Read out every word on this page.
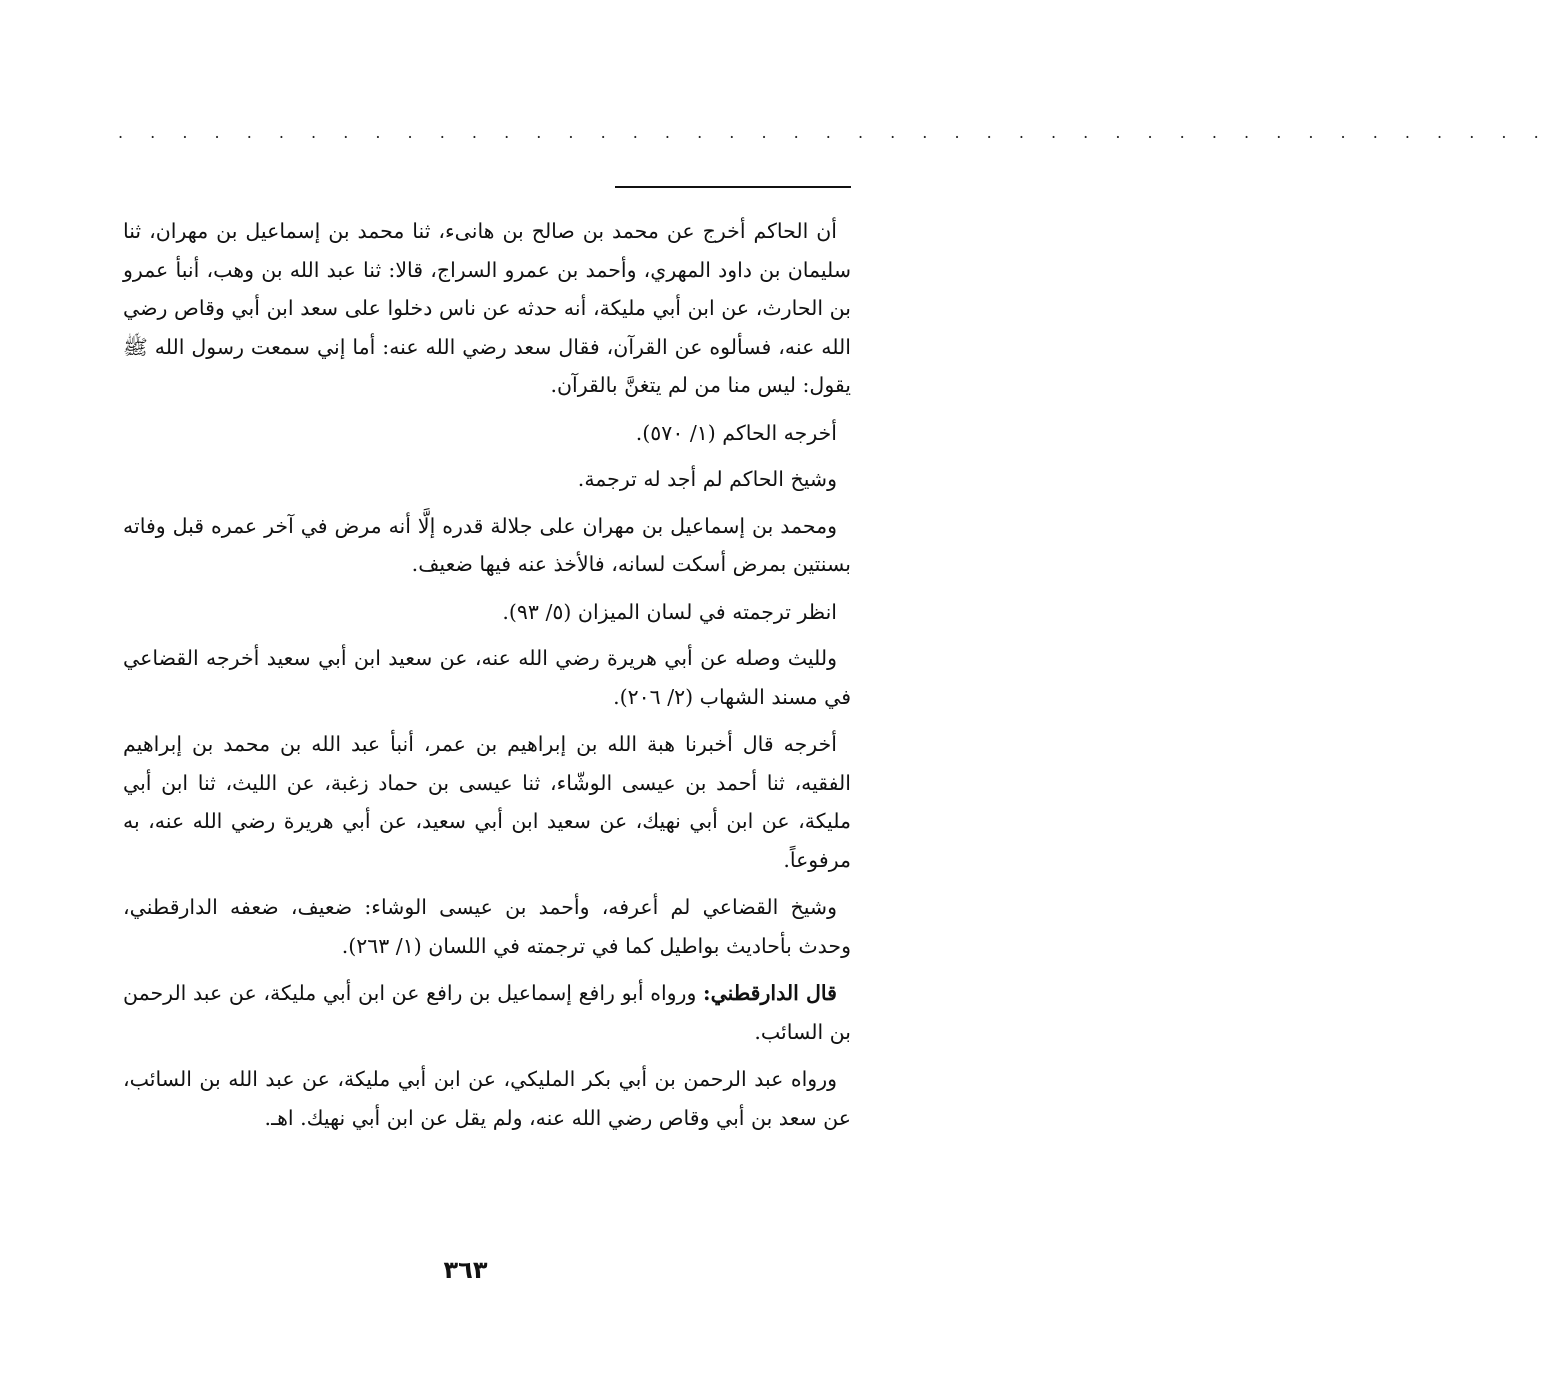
. . . . . . . . . . . . . . . . . . . . . . . . . . . . . . . . . . . . . . . . . . . . .

أن الحاكم أخرج عن محمد بن صالح بن هانىء، ثنا محمد بن إسماعيل بن مهران، ثنا سليمان بن داود المهري، وأحمد بن عمرو السراج، قالا: ثنا عبد الله بن وهب، أنبأ عمرو بن الحارث، عن ابن أبي مليكة، أنه حدثه عن ناس دخلوا على سعد ابن أبي وقاص رضي الله عنه، فسألوه عن القرآن، فقال سعد رضي الله عنه: أما إني سمعت رسول الله ﷺ يقول: ليس منا من لم يتغنَّ بالقرآن.

أخرجه الحاكم (١/ ٥٧٠).

وشيخ الحاكم لم أجد له ترجمة.

ومحمد بن إسماعيل بن مهران على جلالة قدره إلَّا أنه مرض في آخر عمره قبل وفاته بسنتين بمرض أسكت لسانه، فالأخذ عنه فيها ضعيف.

انظر ترجمته في لسان الميزان (٥/ ٩٣).

ولليث وصله عن أبي هريرة رضي الله عنه، عن سعيد ابن أبي سعيد أخرجه القضاعي في مسند الشهاب (٢/ ٢٠٦).

أخرجه قال أخبرنا هبة الله بن إبراهيم بن عمر، أنبأ عبد الله بن محمد بن إبراهيم الفقيه، ثنا أحمد بن عيسى الوشّاء، ثنا عيسى بن حماد زغبة، عن الليث، ثنا ابن أبي مليكة، عن ابن أبي نهيك، عن سعيد ابن أبي سعيد، عن أبي هريرة رضي الله عنه، به مرفوعاً.

وشيخ القضاعي لم أعرفه، وأحمد بن عيسى الوشاء: ضعيف، ضعفه الدارقطني، وحدث بأحاديث بواطيل كما في ترجمته في اللسان (١/ ٢٦٣).

قال الدارقطني: ورواه أبو رافع إسماعيل بن رافع عن ابن أبي مليكة، عن عبد الرحمن بن السائب.

ورواه عبد الرحمن بن أبي بكر المليكي، عن ابن أبي مليكة، عن عبد الله بن السائب، عن سعد بن أبي وقاص رضي الله عنه، ولم يقل عن ابن أبي نهيك. اهـ.

٣٦٣
